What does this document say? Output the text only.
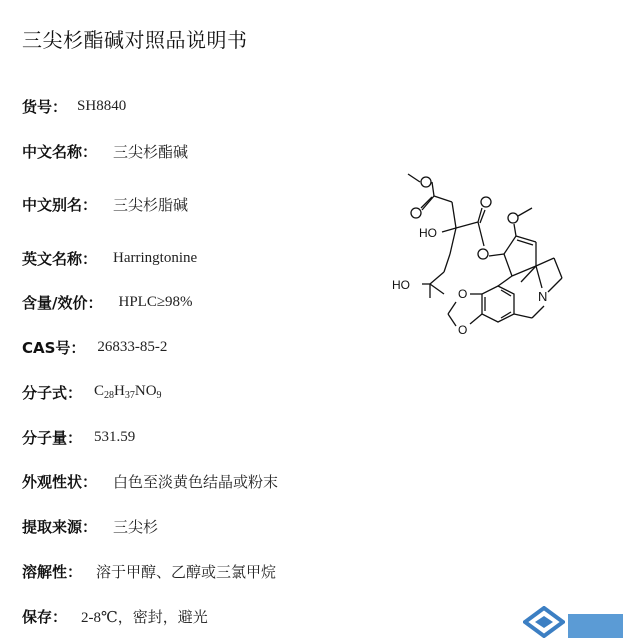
三尖杉酯碱对照品说明书
货号： SH8840
中文名称： 三尖杉酯碱
中文别名： 三尖杉脂碱
英文名称： Harringtonine
含量/效价： HPLC≥98%
CAS号： 26833-85-2
分子式： $C_{28}H_{37}NO_9$
分子量： 531.59
外观性状： 白色至淡黄色结晶或粉末
提取来源： 三尖杉
溶解性： 溶于甲醇、乙醇或三氯甲烷
保存： 2-8℃，密封，避光
HO
HO
N
O
O
